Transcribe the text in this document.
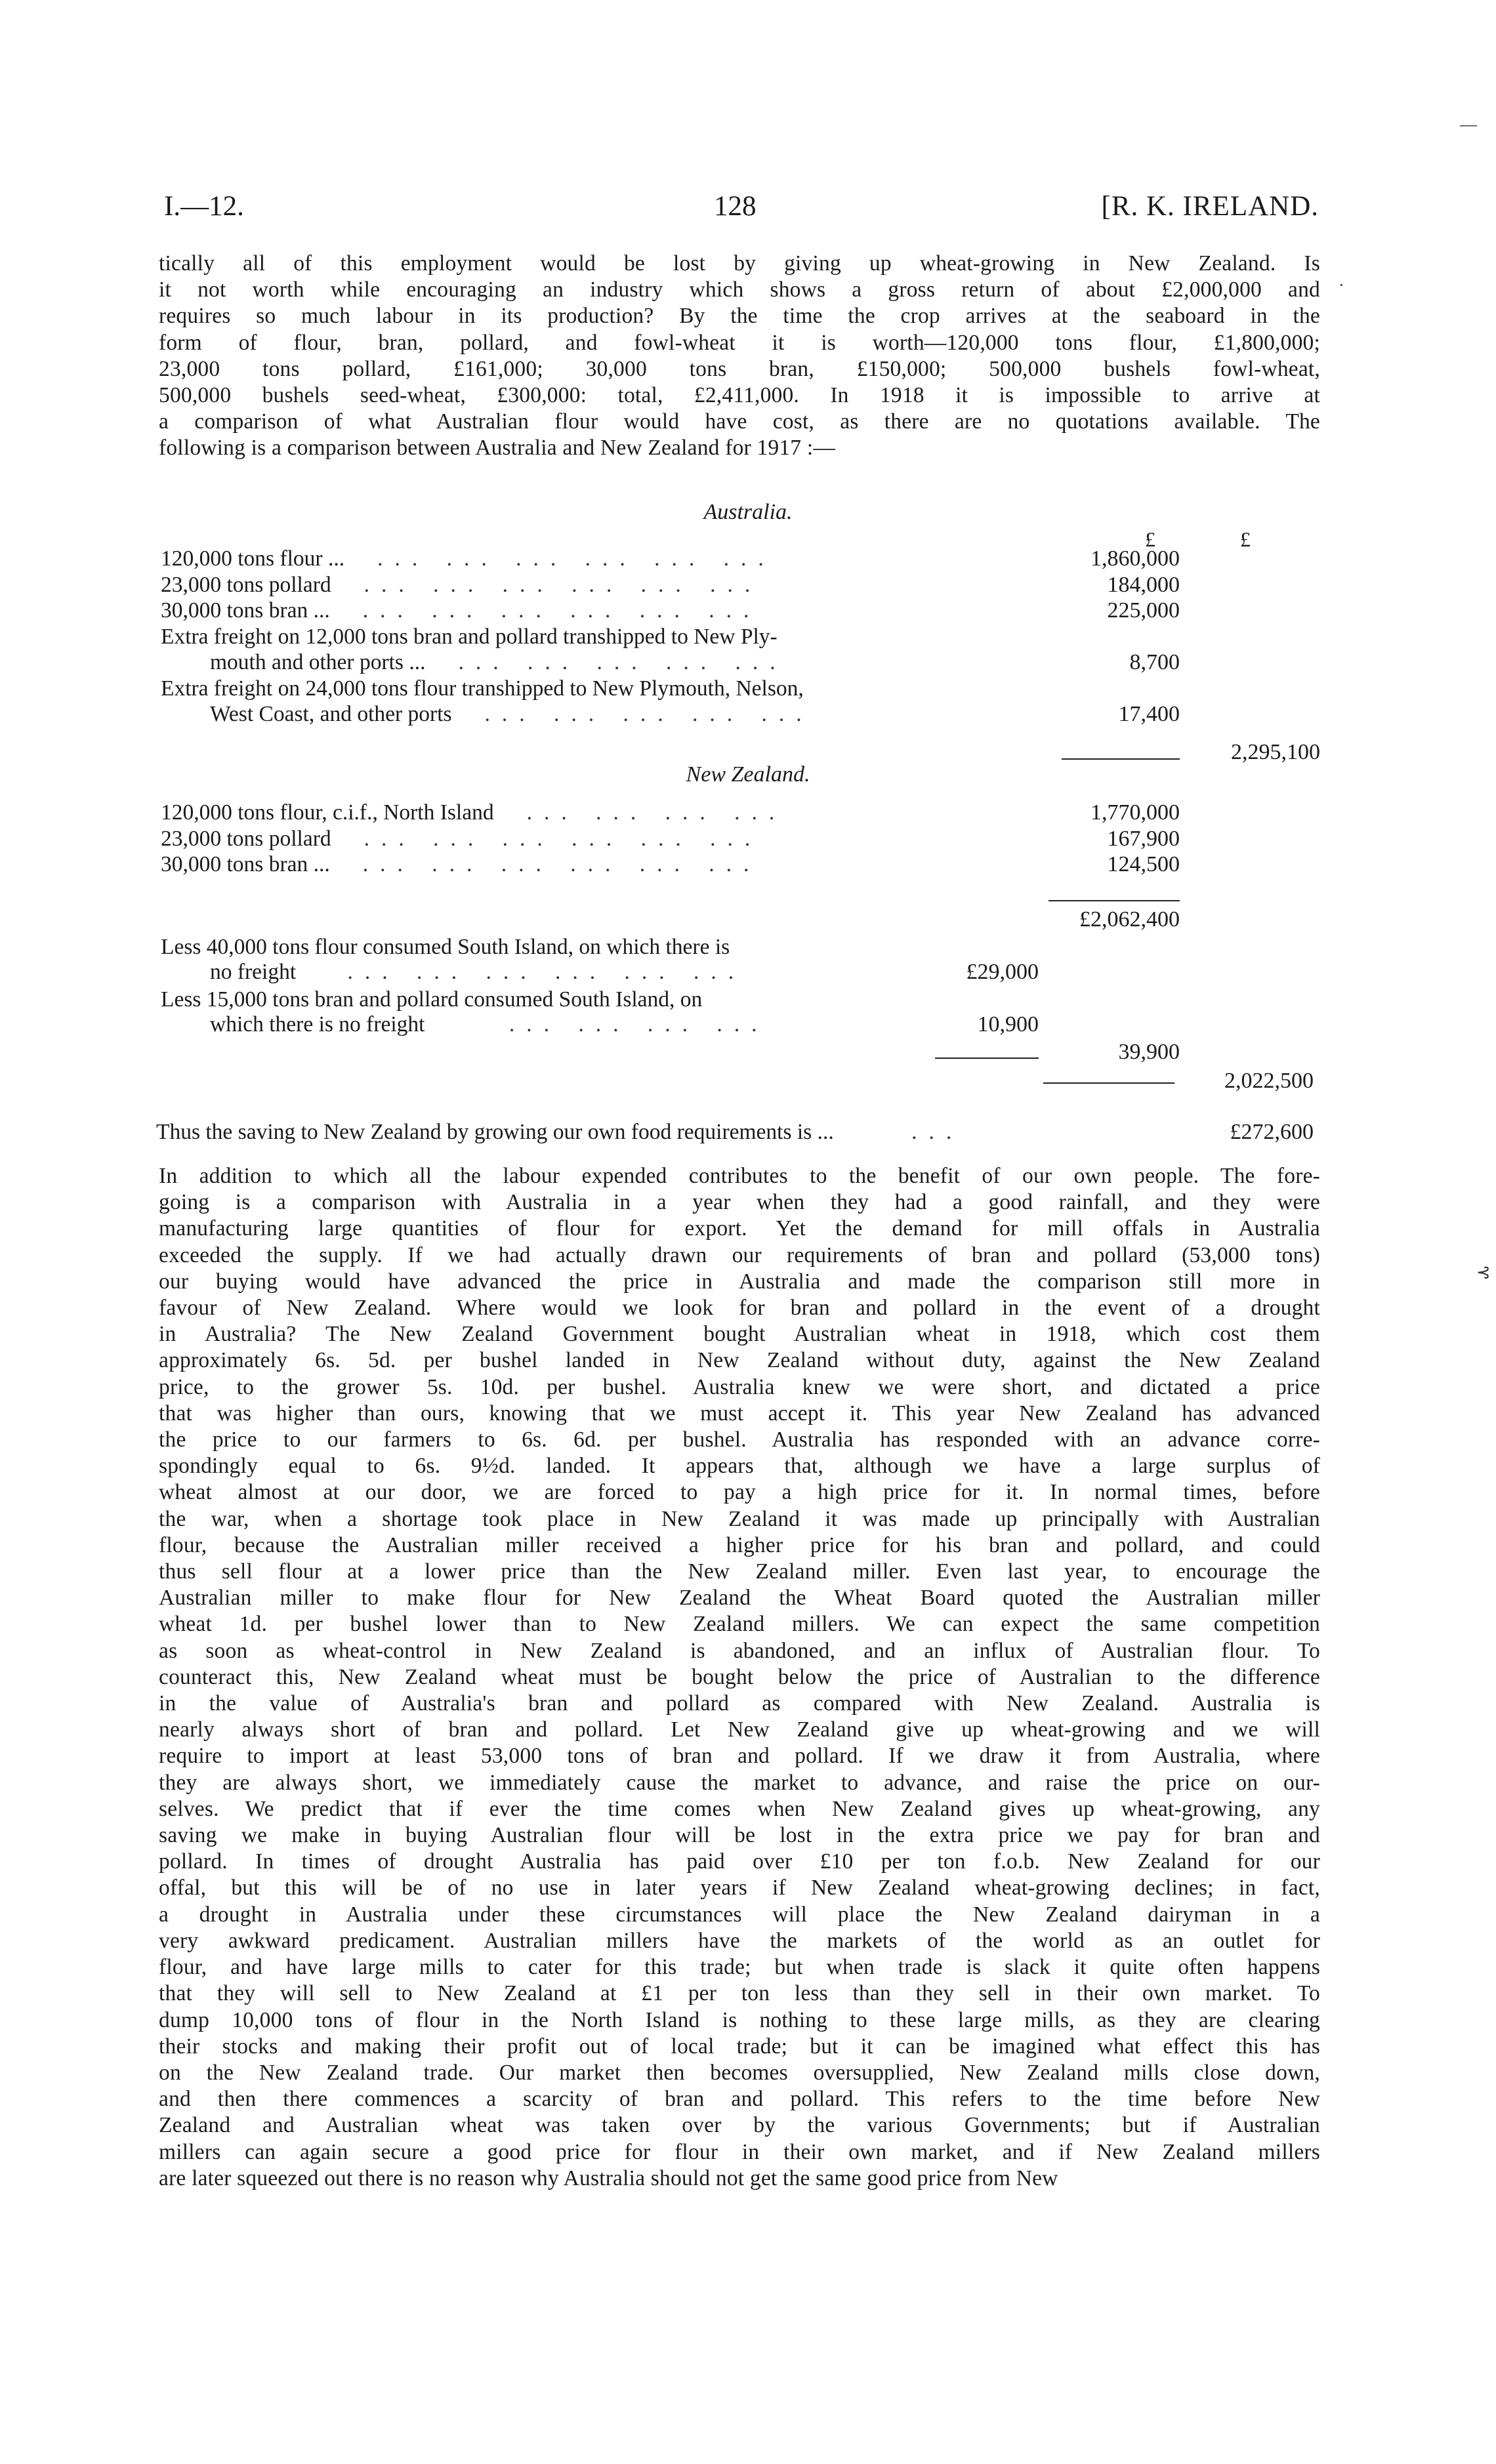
I.—12.	128	[R. K. IRELAND.
tically all of this employment would be lost by giving up wheat-growing in New Zealand. Is
it not worth while encouraging an industry which shows a gross return of about £2,000,000 and
requires so much labour in its production? By the time the crop arrives at the seaboard in the
form of flour, bran, pollard, and fowl-wheat it is worth—120,000 tons flour, £1,800,000;
23,000 tons pollard, £161,000; 30,000 tons bran, £150,000; 500,000 bushels fowl-wheat,
500,000 bushels seed-wheat, £300,000: total, £2,411,000. In 1918 it is impossible to arrive at
a comparison of what Australian flour would have cost, as there are no quotations available. The
following is a comparison between Australia and New Zealand for 1917 :—
Australia.
£	£
120,000 tons flour ... ... ... ... ... ... ...	1,860,000
23,000 tons pollard ... ... ... ... ... ...	184,000
30,000 tons bran ... ... ... ... ... ... ...	225,000
Extra freight on 12,000 tons bran and pollard transhipped to New Ply-
mouth and other ports ... ... ... ... ... ...	8,700
Extra freight on 24,000 tons flour transhipped to New Plymouth, Nelson,
West Coast, and other ports ... ... ... ... ...	17,400
2,295,100
New Zealand.
120,000 tons flour, c.i.f., North Island ... ... ... ...	1,770,000
23,000 tons pollard ... ... ... ... ... ...	167,900
30,000 tons bran ... ... ... ... ... ... ...	124,500
£2,062,400
Less 40,000 tons flour consumed South Island, on which there is
no freight ... ... ... ... ... ...	£29,000
Less 15,000 tons bran and pollard consumed South Island, on
which there is no freight	... ... ... ...	10,900
39,900
2,022,500
Thus the saving to New Zealand by growing our own food requirements is ...	...	£272,600
In addition to which all the labour expended contributes to the benefit of our own people. The fore-
going is a comparison with Australia in a year when they had a good rainfall, and they were
manufacturing large quantities of flour for export. Yet the demand for mill offals in Australia
exceeded the supply. If we had actually drawn our requirements of bran and pollard (53,000 tons)
our buying would have advanced the price in Australia and made the comparison still more in
favour of New Zealand. Where would we look for bran and pollard in the event of a drought
in Australia? The New Zealand Government bought Australian wheat in 1918, which cost them
approximately 6s. 5d. per bushel landed in New Zealand without duty, against the New Zealand
price, to the grower 5s. 10d. per bushel. Australia knew we were short, and dictated a price
that was higher than ours, knowing that we must accept it. This year New Zealand has advanced
the price to our farmers to 6s. 6d. per bushel. Australia has responded with an advance corre-
spondingly equal to 6s. 9½d. landed. It appears that, although we have a large surplus of
wheat almost at our door, we are forced to pay a high price for it. In normal times, before
the war, when a shortage took place in New Zealand it was made up principally with Australian
flour, because the Australian miller received a higher price for his bran and pollard, and could
thus sell flour at a lower price than the New Zealand miller. Even last year, to encourage the
Australian miller to make flour for New Zealand the Wheat Board quoted the Australian miller
wheat 1d. per bushel lower than to New Zealand millers. We can expect the same competition
as soon as wheat-control in New Zealand is abandoned, and an influx of Australian flour. To
counteract this, New Zealand wheat must be bought below the price of Australian to the difference
in the value of Australia's bran and pollard as compared with New Zealand. Australia is
nearly always short of bran and pollard. Let New Zealand give up wheat-growing and we will
require to import at least 53,000 tons of bran and pollard. If we draw it from Australia, where
they are always short, we immediately cause the market to advance, and raise the price on our-
selves. We predict that if ever the time comes when New Zealand gives up wheat-growing, any
saving we make in buying Australian flour will be lost in the extra price we pay for bran and
pollard. In times of drought Australia has paid over £10 per ton f.o.b. New Zealand for our
offal, but this will be of no use in later years if New Zealand wheat-growing declines; in fact,
a drought in Australia under these circumstances will place the New Zealand dairyman in a
very awkward predicament. Australian millers have the markets of the world as an outlet for
flour, and have large mills to cater for this trade; but when trade is slack it quite often happens
that they will sell to New Zealand at £1 per ton less than they sell in their own market. To
dump 10,000 tons of flour in the North Island is nothing to these large mills, as they are clearing
their stocks and making their profit out of local trade; but it can be imagined what effect this has
on the New Zealand trade. Our market then becomes oversupplied, New Zealand mills close down,
and then there commences a scarcity of bran and pollard. This refers to the time before New
Zealand and Australian wheat was taken over by the various Governments; but if Australian
millers can again secure a good price for flour in their own market, and if New Zealand millers
are later squeezed out there is no reason why Australia should not get the same good price from New
—
·
⊰
